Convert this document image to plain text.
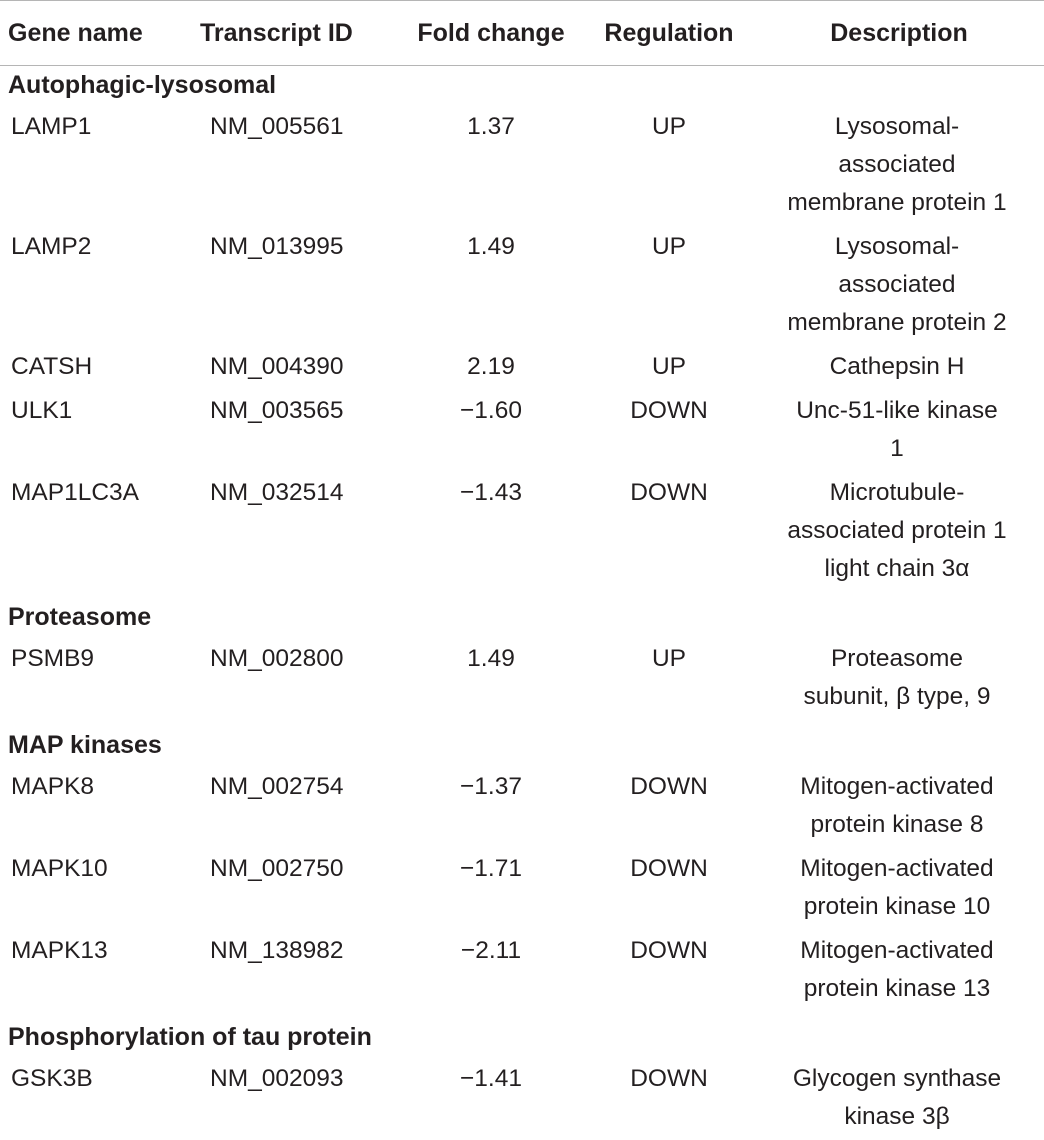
Gene name	Transcript ID	Fold change	Regulation	Description
Autophagic-lysosomal				
LAMP1	NM_005561	1.37	UP	Lysosomal-
associated
membrane protein 1
LAMP2	NM_013995	1.49	UP	Lysosomal-
associated
membrane protein 2
CATSH	NM_004390	2.19	UP	Cathepsin H
ULK1	NM_003565	−1.60	DOWN	Unc-51-like kinase
1
MAP1LC3A	NM_032514	−1.43	DOWN	Microtubule-
associated protein 1
light chain 3α
Proteasome				
PSMB9	NM_002800	1.49	UP	Proteasome
subunit, β type, 9
MAP kinases				
MAPK8	NM_002754	−1.37	DOWN	Mitogen-activated
protein kinase 8
MAPK10	NM_002750	−1.71	DOWN	Mitogen-activated
protein kinase 10
MAPK13	NM_138982	−2.11	DOWN	Mitogen-activated
protein kinase 13
Phosphorylation of tau protein				
GSK3B	NM_002093	−1.41	DOWN	Glycogen synthase
kinase 3β
